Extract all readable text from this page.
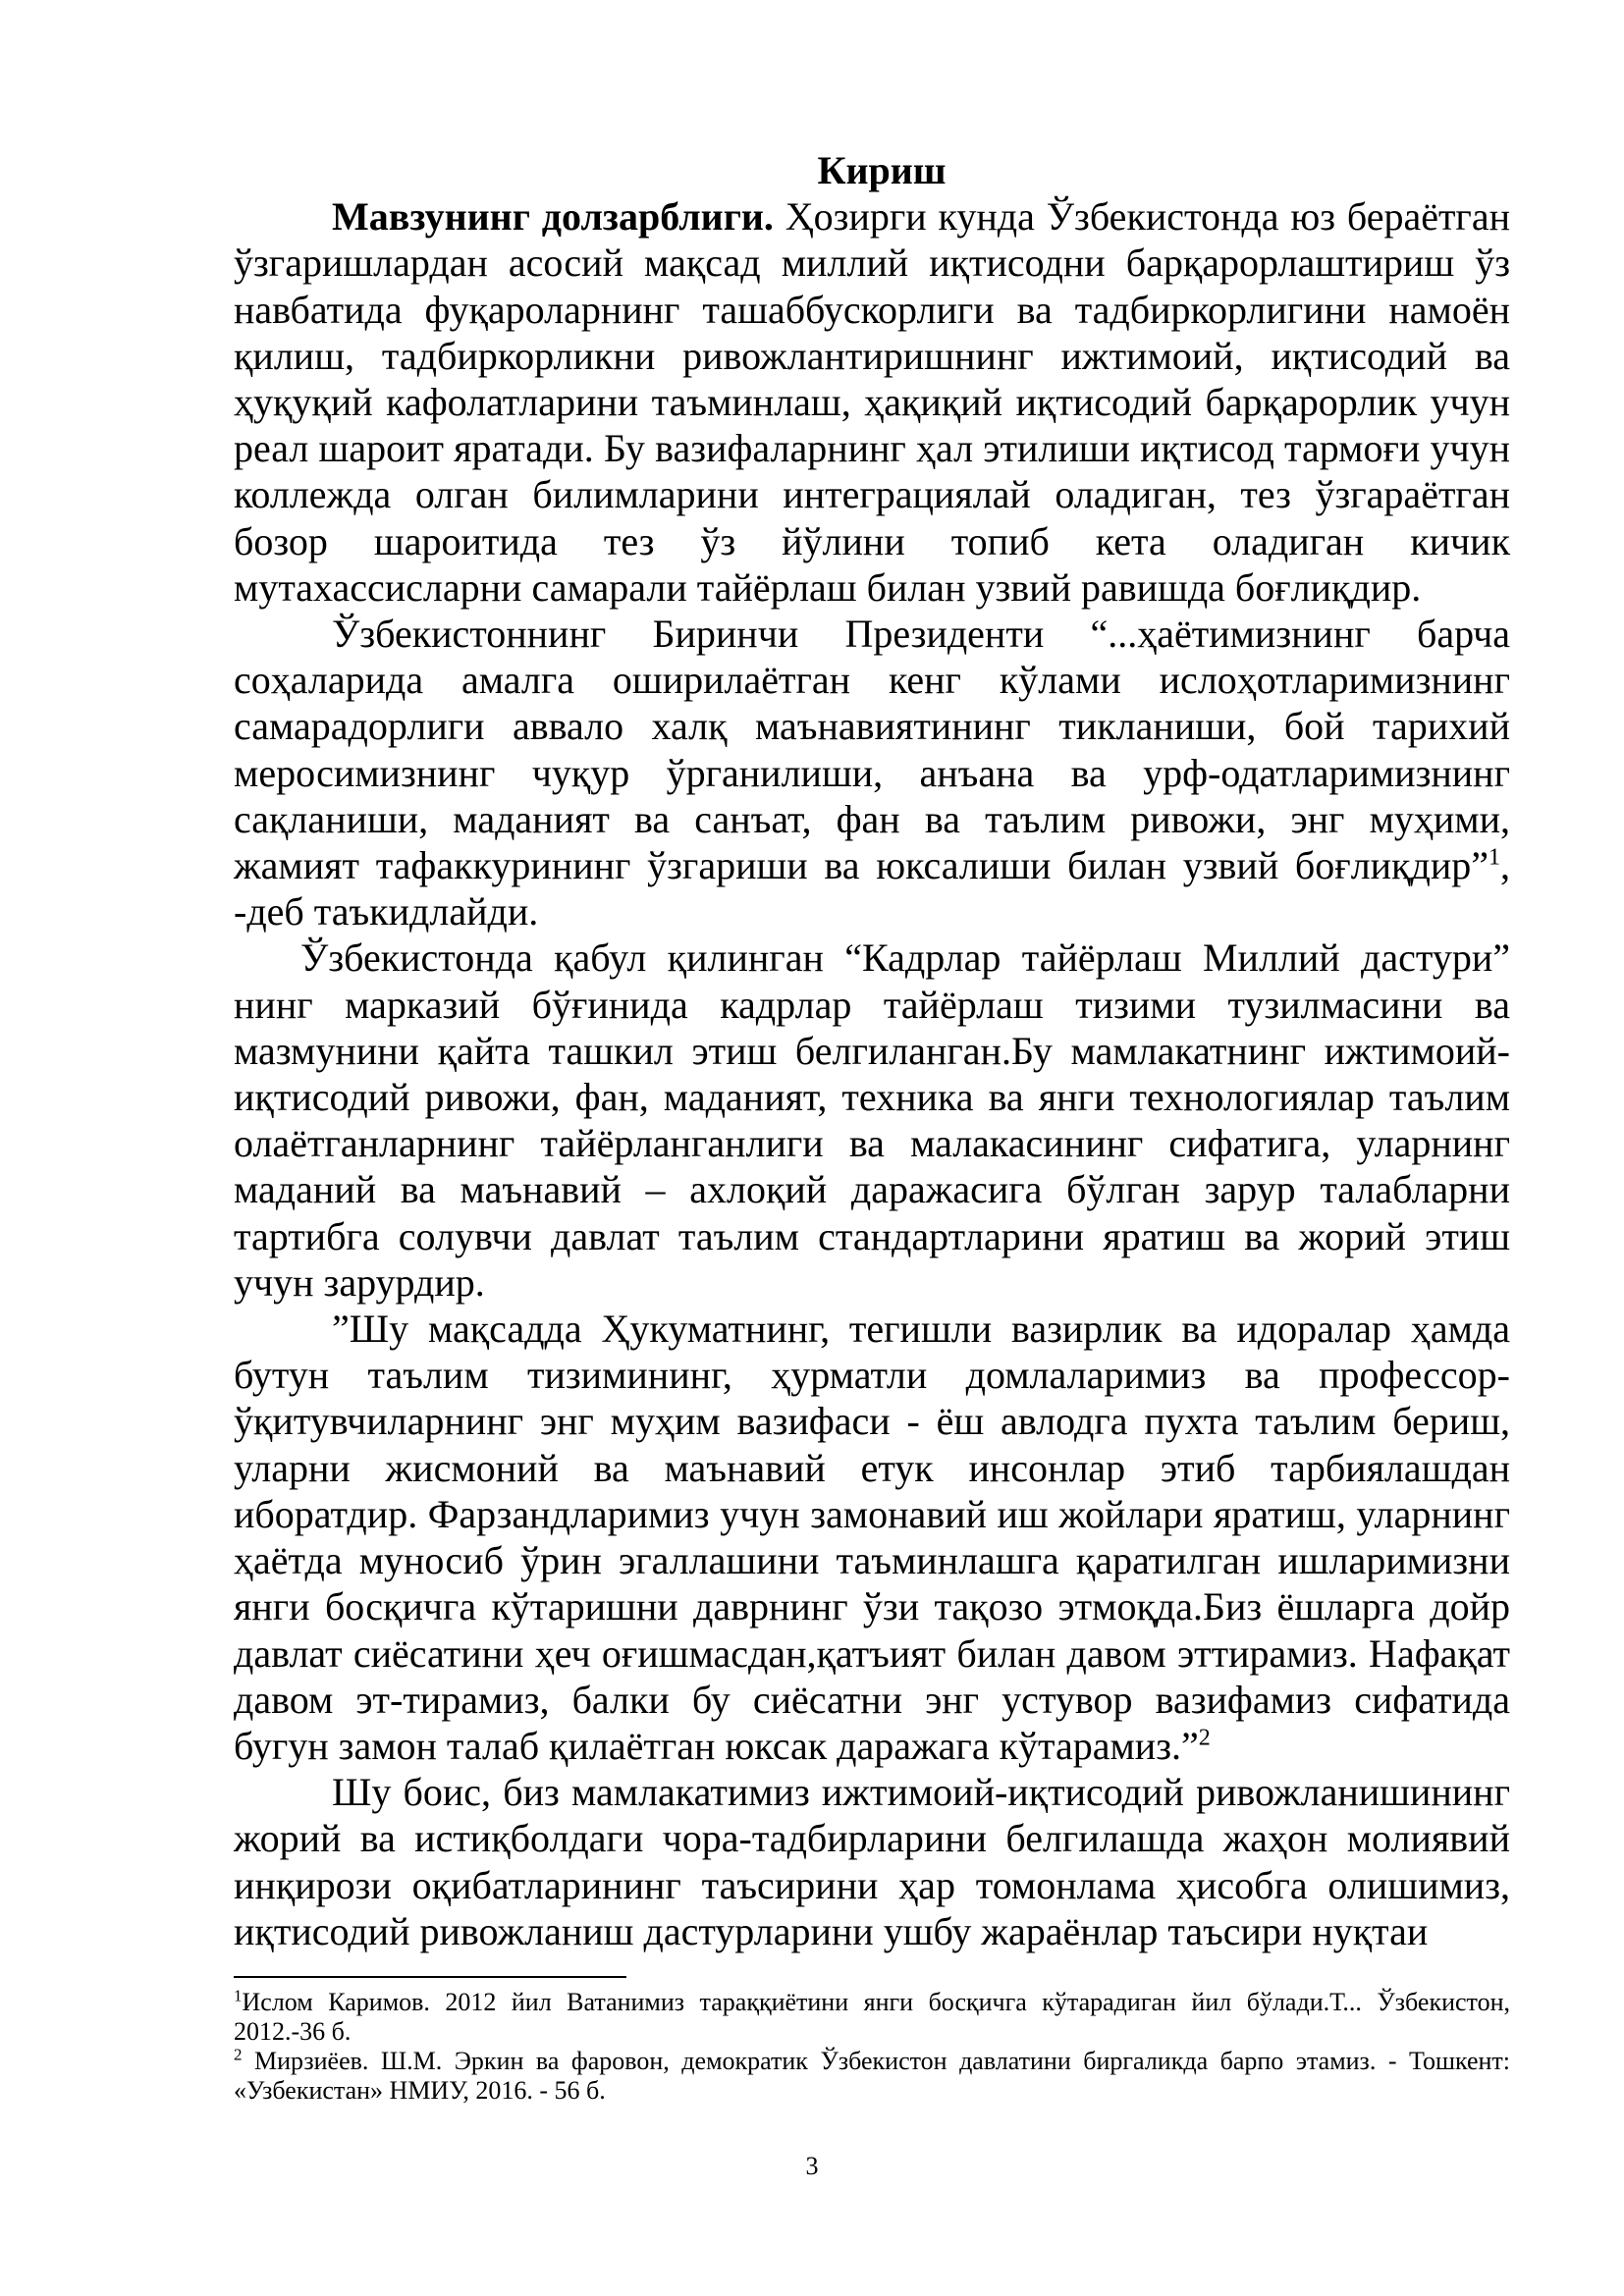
Кириш

Мавзунинг долзарблиги. Ҳозирги кунда Ўзбекистонда юз бераётган ўзгаришлардан асосий мақсад миллий иқтисодни барқарорлаштириш ўз навбатида фуқароларнинг ташаббускорлиги ва тадбиркорлигини намоён қилиш, тадбиркорликни ривожлантиришнинг ижтимоий, иқтисодий ва ҳуқуқий кафолатларини таъминлаш, ҳақиқий иқтисодий барқарорлик учун реал шароит яратади. Бу вазифаларнинг ҳал этилиши иқтисод тармоғи учун коллежда олган билимларини интеграциялай оладиган, тез ўзгараётган бозор шароитида тез ўз йўлини топиб кета оладиган кичик мутахассисларни самарали тайёрлаш билан узвий равишда боғлиқдир.

Ўзбекистоннинг Биринчи Президенти “...ҳаётимизнинг барча соҳаларида амалга оширилаётган кенг кўлами ислоҳотларимизнинг самарадорлиги аввало халқ маънавиятининг тикланиши, бой тарихий меросимизнинг чуқур ўрганилиши, анъана ва урф-одатларимизнинг сақланиши, маданият ва санъат, фан ва таълим ривожи, энг муҳими, жамият тафаккурининг ўзгариши ва юксалиши билан узвий боғлиқдир”$^1$, -деб таъкидлайди.

Ўзбекистонда қабул қилинган “Кадрлар тайёрлаш Миллий дастури” нинг марказий бўғинида кадрлар тайёрлаш тизими тузилмасини ва мазмунини қайта ташкил этиш белгиланган.Бу мамлакатнинг ижтимоий-иқтисодий ривожи, фан, маданият, техника ва янги технологиялар таълим олаётганларнинг тайёрланганлиги ва малакасининг сифатига, уларнинг маданий ва маънавий – ахлоқий даражасига бўлган зарур талабларни тартибга солувчи давлат таълим стандартларини яратиш ва жорий этиш учун зарурдир.

”Шу мақсадда Ҳукуматнинг, тегишли вазирлик ва идоралар ҳамда бутун таълим тизимининг, ҳурматли домлаларимиз ва профессор-ўқитувчиларнинг энг муҳим вазифаси - ёш авлодга пухта таълим бериш, уларни жисмоний ва маънавий етук инсонлар этиб тарбиялашдан иборатдир. Фарзандларимиз учун замонавий иш жойлари яратиш, уларнинг ҳаётда муносиб ўрин эгаллашини таъминлашга қаратилган ишларимизни янги босқичга кўтаришни даврнинг ўзи тақозо этмоқда.Биз ёшларга дойр давлат сиёсатини ҳеч оғишмасдан,қатъият билан давом эттирамиз. Нафақат давом эт-тирамиз, балки бу сиёсатни энг устувор вазифамиз сифатида бугун замон талаб қилаётган юксак даражага кўтарамиз.”$^2$

Шу боис, биз мамлакатимиз ижтимоий-иқтисодий ривожланишининг жорий ва истиқболдаги чора-тадбирларини белгилашда жаҳон молиявий инқирози оқибатларининг таъсирини ҳар томонлама ҳисобга олишимиз, иқтисодий ривожланиш дастурларини ушбу жараёнлар таъсири нуқтаи

$^1$Ислом Каримов. 2012 йил Ватанимиз тараққиётини янги босқичга кўтарадиган йил бўлади.Т... Ўзбекистон, 2012.-36 б.

$^2$ Мирзиёев. Ш.М. Эркин ва фаровон, демократик Ўзбекистон давлатини биргаликда барпо этамиз. - Тошкент: «Узбекистан» НМИУ, 2016. - 56 б.

3
